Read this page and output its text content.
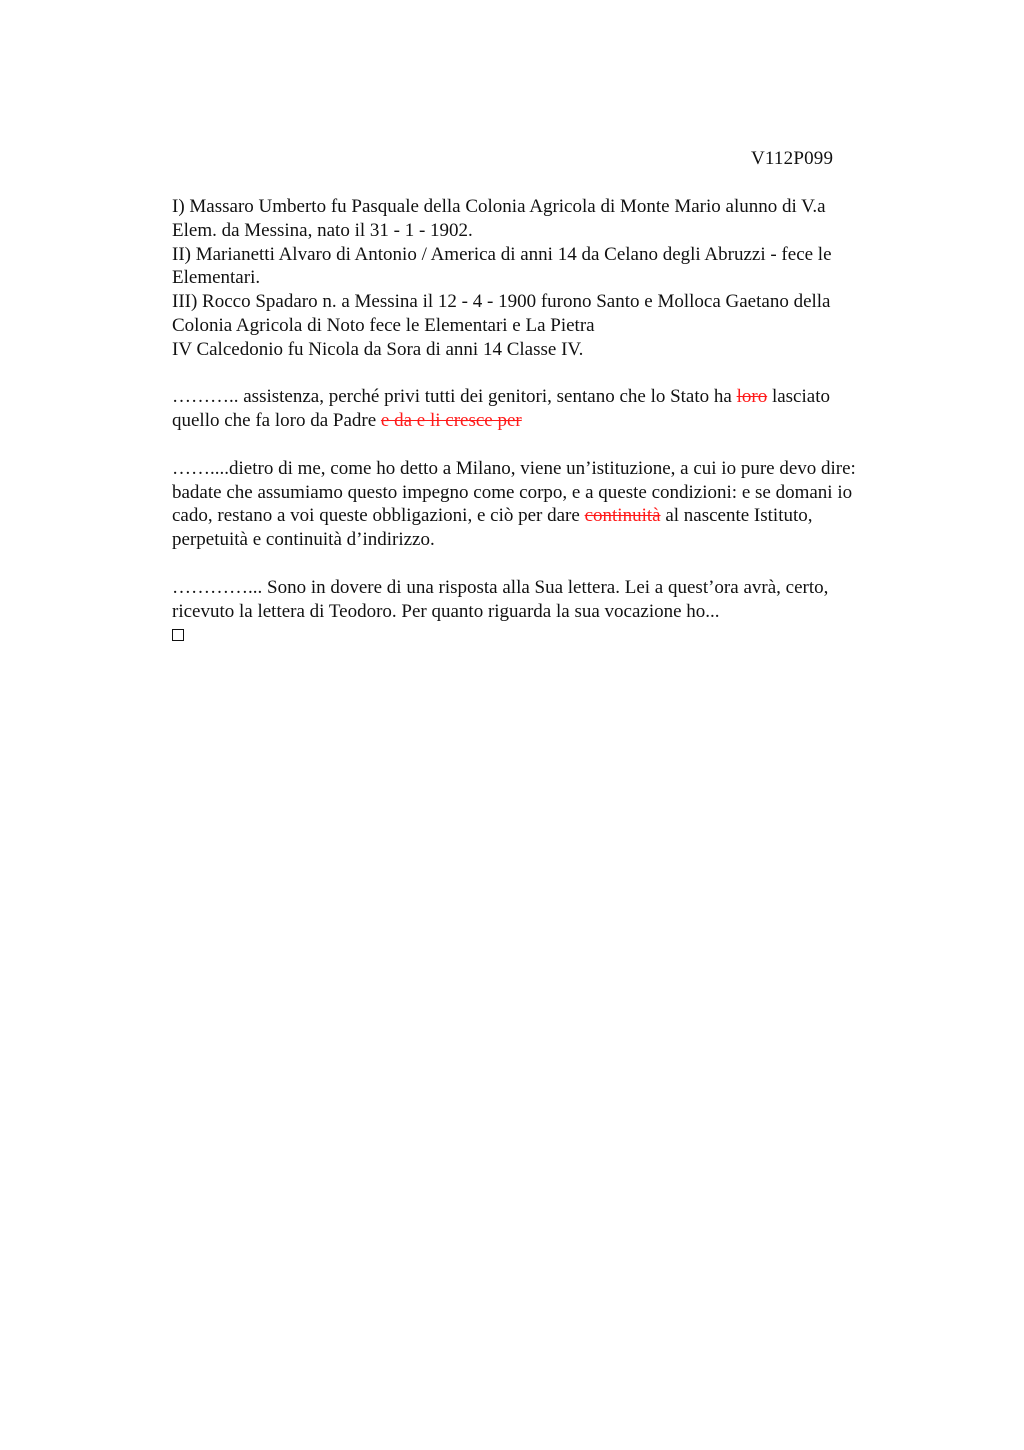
V112P099
I) Massaro Umberto fu Pasquale della Colonia Agricola di Monte Mario alunno di V.a
Elem. da Messina, nato il 31 - 1 - 1902.
II) Marianetti Alvaro di Antonio / America di anni 14 da Celano degli Abruzzi - fece le
Elementari.
III) Rocco Spadaro n. a Messina il 12 - 4 - 1900 furono Santo e Molloca Gaetano della
Colonia Agricola di Noto fece le Elementari e La Pietra
IV Calcedonio fu Nicola da Sora di anni 14 Classe IV.
……….. assistenza, perché privi tutti dei genitori, sentano che lo Stato ha loro lasciato
quello che fa loro da Padre e da e li cresce per
……....dietro di me, come ho detto a Milano, viene un’istituzione, a cui io pure devo dire:
badate che assumiamo questo impegno come corpo, e a queste condizioni: e se domani io
cado, restano a voi queste obbligazioni, e ciò per dare continuità al nascente Istituto,
perpetuità e continuità d’indirizzo.
…………... Sono in dovere di una risposta alla Sua lettera. Lei a quest’ora avrà, certo,
ricevuto la lettera di Teodoro. Per quanto riguarda la sua vocazione ho...
